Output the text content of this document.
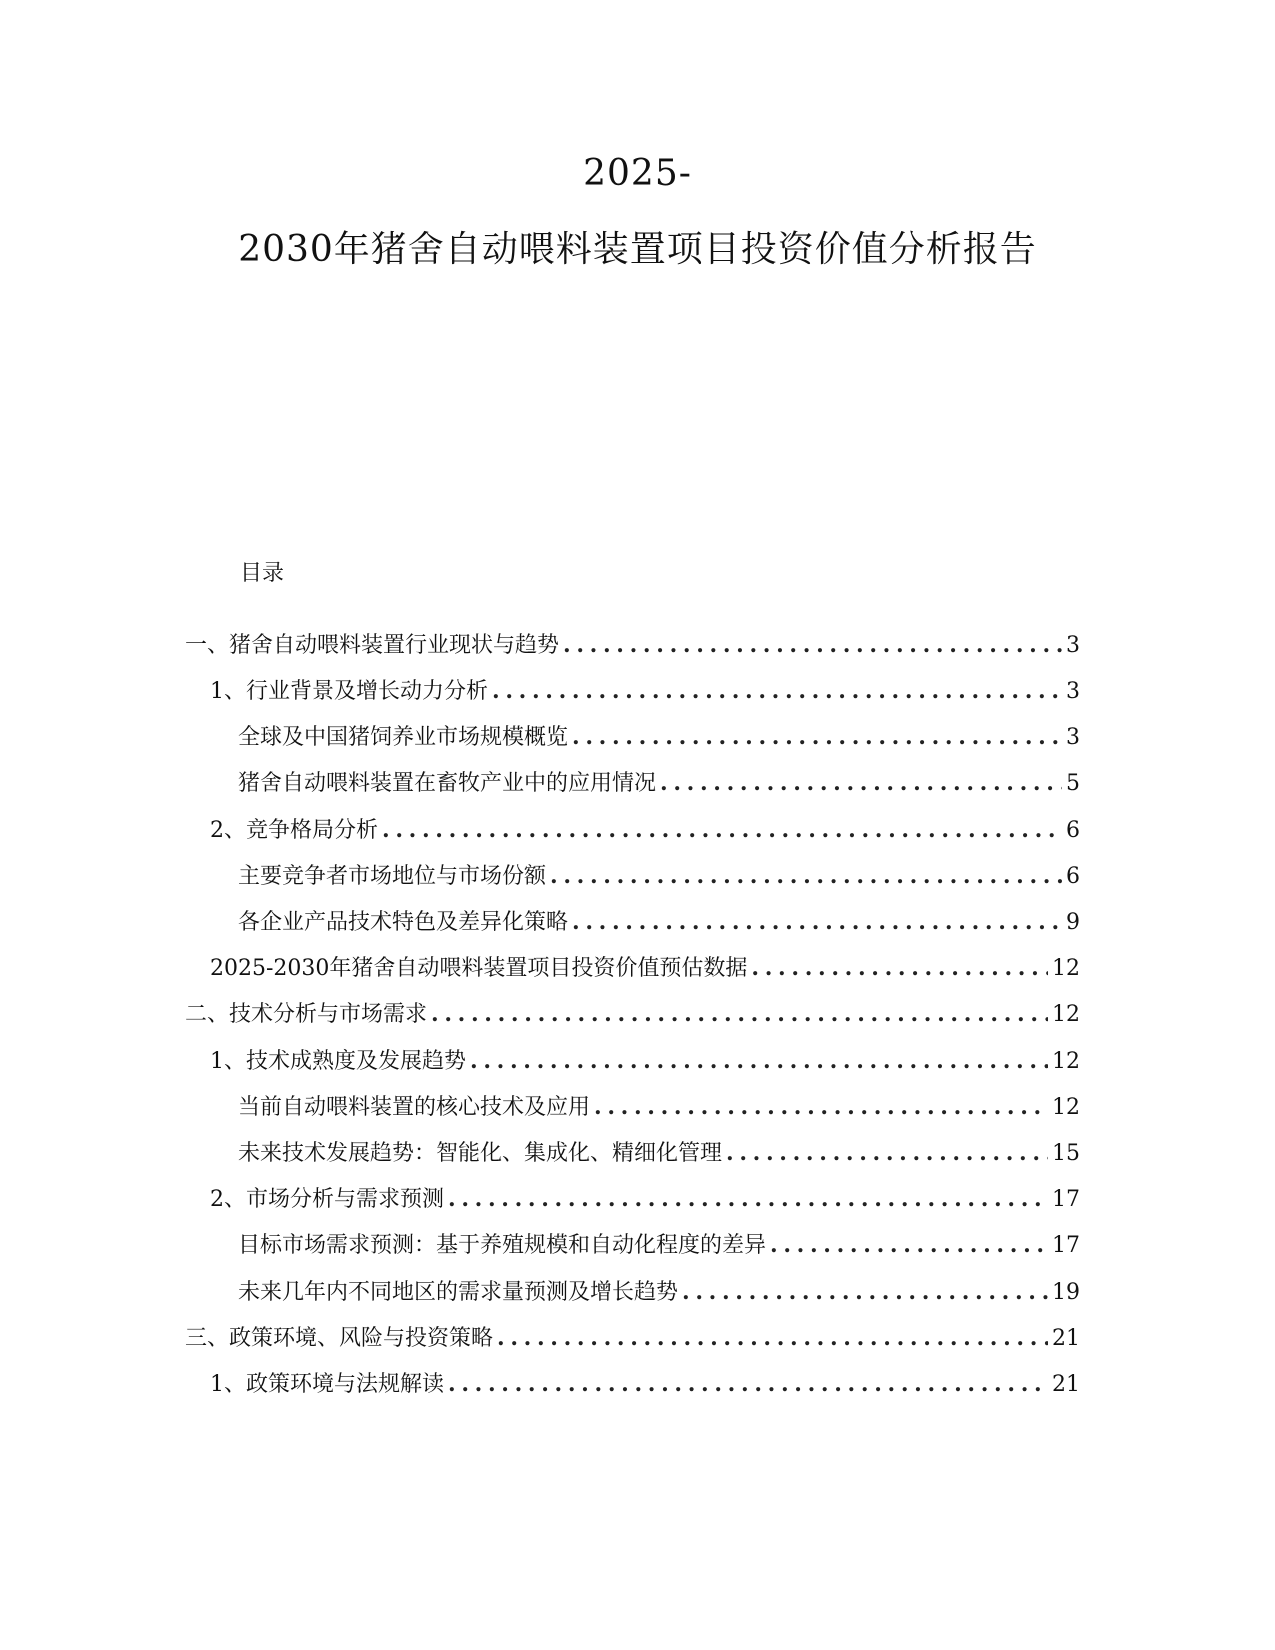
2025-
2030年猪舍自动喂料装置项目投资价值分析报告
目录
一、猪舍自动喂料装置行业现状与趋势 . . .	3
1、行业背景及增长动力分析 . . .	3
全球及中国猪饲养业市场规模概览 . . .	3
猪舍自动喂料装置在畜牧产业中的应用情况 . . .	5
2、竞争格局分析 . . .	6
主要竞争者市场地位与市场份额 . . .	6
各企业产品技术特色及差异化策略 . . .	9
2025-2030年猪舍自动喂料装置项目投资价值预估数据 . . .	12
二、技术分析与市场需求 . . .	12
1、技术成熟度及发展趋势 . . .	12
当前自动喂料装置的核心技术及应用 . . .	12
未来技术发展趋势：智能化、集成化、精细化管理 . . .	15
2、市场分析与需求预测 . . .	17
目标市场需求预测：基于养殖规模和自动化程度的差异 . . .	17
未来几年内不同地区的需求量预测及增长趋势 . . .	19
三、政策环境、风险与投资策略 . . .	21
1、政策环境与法规解读 . . .	21
